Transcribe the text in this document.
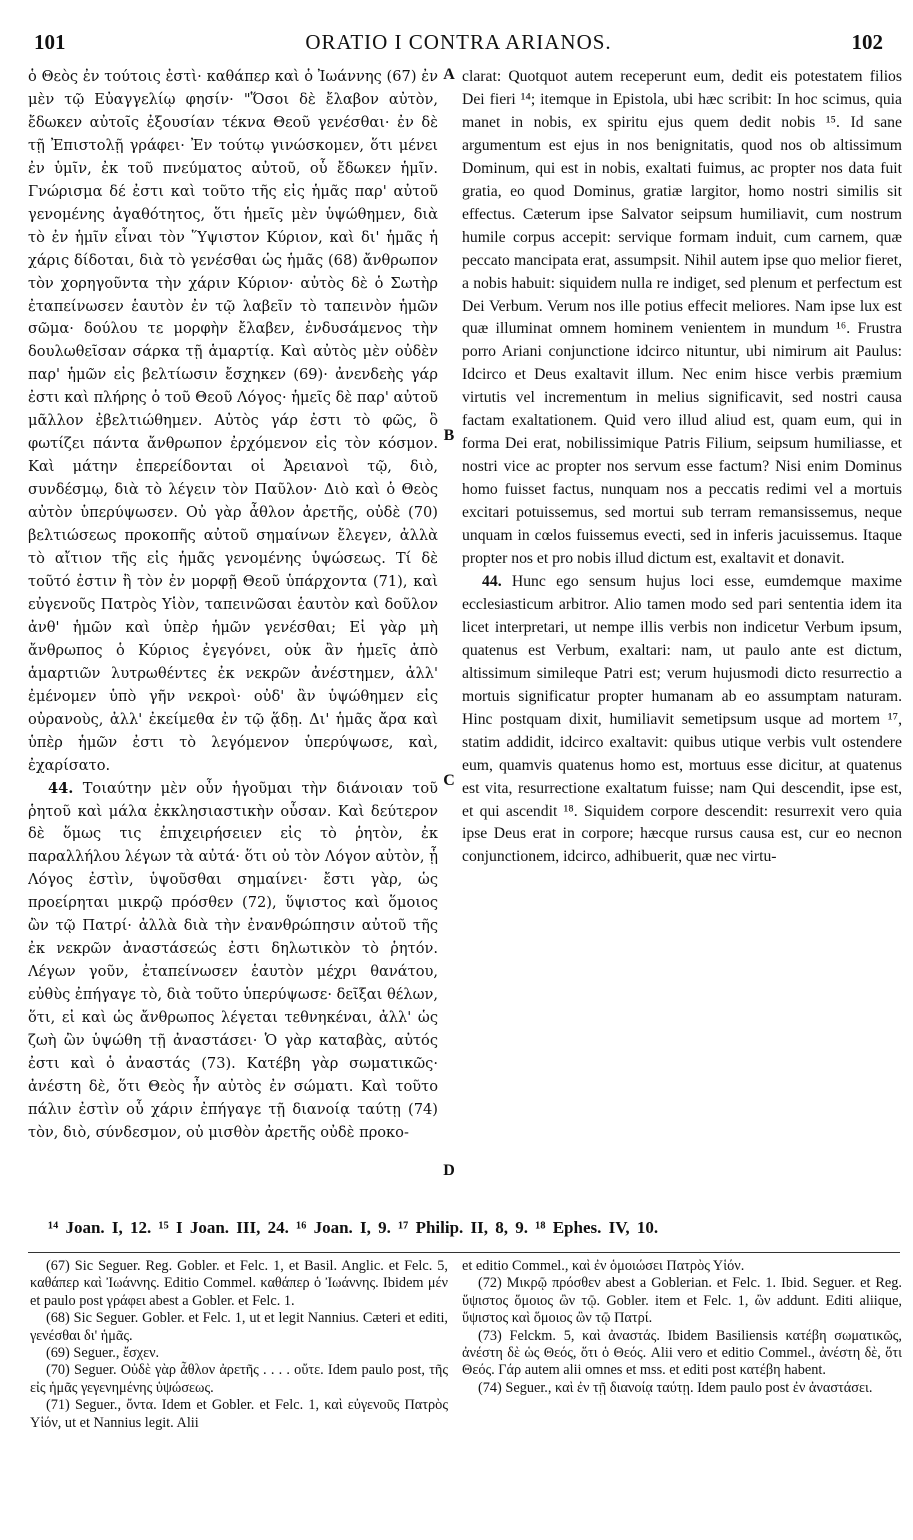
101	ORATIO I CONTRA ARIANOS.	102

ὁ Θεὸς ἐν τούτοις ἐστὶ· καθάπερ καὶ ὁ Ἰωάννης (67) ἐν μὲν τῷ Εὐαγγελίῳ φησίν· "Ὅσοι δὲ ἔλαβον αὐτὸν, ἔδωκεν αὐτοῖς ἐξουσίαν τέκνα Θεοῦ γενέσθαι· ἐν δὲ τῇ Ἐπιστολῇ γράφει· Ἐν τούτῳ γινώσκομεν, ὅτι μένει ἐν ὑμῖν, ἐκ τοῦ πνεύματος αὐτοῦ, οὗ ἔδωκεν ἡμῖν. Γνώρισμα δέ ἐστι καὶ τοῦτο τῆς εἰς ἡμᾶς παρ' αὐτοῦ γενομένης ἀγαθότητος, ὅτι ἡμεῖς μὲν ὑψώθημεν, διὰ τὸ ἐν ἡμῖν εἶναι τὸν Ὕψιστον Κύριον, καὶ δι' ἡμᾶς ἡ χάρις δίδοται, διὰ τὸ γενέσθαι ὡς ἡμᾶς (68) ἄνθρωπον τὸν χορηγοῦντα τὴν χάριν Κύριον· αὐτὸς δὲ ὁ Σωτὴρ ἐταπείνωσεν ἑαυτὸν ἐν τῷ λαβεῖν τὸ ταπεινὸν ἡμῶν σῶμα· δούλου τε μορφὴν ἔλαβεν, ἐνδυσάμενος τὴν δουλωθεῖσαν σάρκα τῇ ἁμαρτίᾳ. Καὶ αὐτὸς μὲν οὐδὲν παρ' ἡμῶν εἰς βελτίωσιν ἔσχηκεν (69)· ἀνενδεὴς γάρ ἐστι καὶ πλήρης ὁ τοῦ Θεοῦ Λόγος· ἡμεῖς δὲ παρ' αὐτοῦ μᾶλλον ἐβελτιώθημεν. Αὐτὸς γάρ ἐστι τὸ φῶς, ὃ φωτίζει πάντα ἄνθρωπον ἐρχόμενον εἰς τὸν κόσμον. Καὶ μάτην ἐπερείδονται οἱ Ἀρειανοὶ τῷ, διὸ, συνδέσμῳ, διὰ τὸ λέγειν τὸν Παῦλον· Διὸ καὶ ὁ Θεὸς αὐτὸν ὑπερύψωσεν. Οὐ γὰρ ἆθλον ἀρετῆς, οὐδὲ (70) βελτιώσεως προκοπῆς αὐτοῦ σημαίνων ἔλεγεν, ἀλλὰ τὸ αἴτιον τῆς εἰς ἡμᾶς γενομένης ὑψώσεως. Τί δὲ τοῦτό ἐστιν ἢ τὸν ἐν μορφῇ Θεοῦ ὑπάρχοντα (71), καὶ εὐγενοῦς Πατρὸς Υἱὸν, ταπεινῶσαι ἑαυτὸν καὶ δοῦλον ἀνθ' ἡμῶν καὶ ὑπὲρ ἡμῶν γενέσθαι; Εἰ γὰρ μὴ ἄνθρωπος ὁ Κύριος ἐγεγόνει, οὐκ ἂν ἡμεῖς ἀπὸ ἁμαρτιῶν λυτρωθέντες ἐκ νεκρῶν ἀνέστημεν, ἀλλ' ἐμένομεν ὑπὸ γῆν νεκροὶ· οὐδ' ἂν ὑψώθημεν εἰς οὐρανοὺς, ἀλλ' ἐκείμεθα ἐν τῷ ᾅδῃ. Δι' ἡμᾶς ἄρα καὶ ὑπὲρ ἡμῶν ἐστι τὸ λεγόμενον ὑπερύψωσε, καὶ, ἐχαρίσατο.

44. Τοιαύτην μὲν οὖν ἡγοῦμαι τὴν διάνοιαν τοῦ ῥητοῦ καὶ μάλα ἐκκλησιαστικὴν οὖσαν. Καὶ δεύτερον δὲ ὅμως τις ἐπιχειρήσειεν εἰς τὸ ῥητὸν, ἐκ παραλλήλου λέγων τὰ αὐτά· ὅτι οὐ τὸν Λόγον αὐτὸν, ᾗ Λόγος ἐστὶν, ὑψοῦσθαι σημαίνει· ἔστι γὰρ, ὡς προείρηται μικρῷ πρόσθεν (72), ὕψιστος καὶ ὅμοιος ὢν τῷ Πατρί· ἀλλὰ διὰ τὴν ἐνανθρώπησιν αὐτοῦ τῆς ἐκ νεκρῶν ἀναστάσεώς ἐστι δηλωτικὸν τὸ ῥητόν. Λέγων γοῦν, ἐταπείνωσεν ἑαυτὸν μέχρι θανάτου, εὐθὺς ἐπήγαγε τὸ, διὰ τοῦτο ὑπερύψωσε· δεῖξαι θέλων, ὅτι, εἰ καὶ ὡς ἄνθρωπος λέγεται τεθνηκέναι, ἀλλ' ὡς ζωὴ ὢν ὑψώθη τῇ ἀναστάσει· Ὁ γὰρ καταβὰς, αὐτός ἐστι καὶ ὁ ἀναστάς (73). Κατέβη γὰρ σωματικῶς· ἀνέστη δὲ, ὅτι Θεὸς ἦν αὐτὸς ἐν σώματι. Καὶ τοῦτο πάλιν ἐστὶν οὗ χάριν ἐπήγαγε τῇ διανοίᾳ ταύτῃ (74) τὸν, διὸ, σύνδεσμον, οὐ μισθὸν ἀρετῆς οὐδὲ προκο-

A
B
C
D

clarat: Quotquot autem receperunt eum, dedit eis potestatem filios Dei fieri ¹⁴; itemque in Epistola, ubi hæc scribit: In hoc scimus, quia manet in nobis, ex spiritu ejus quem dedit nobis ¹⁵. Id sane argumentum est ejus in nos benignitatis, quod nos ob altissimum Dominum, qui est in nobis, exaltati fuimus, ac propter nos data fuit gratia, eo quod Dominus, gratiæ largitor, homo nostri similis sit effectus. Cæterum ipse Salvator seipsum humiliavit, cum nostrum humile corpus accepit: servique formam induit, cum carnem, quæ peccato mancipata erat, assumpsit. Nihil autem ipse quo melior fieret, a nobis habuit: siquidem nulla re indiget, sed plenum et perfectum est Dei Verbum. Verum nos ille potius effecit meliores. Nam ipse lux est quæ illuminat omnem hominem venientem in mundum ¹⁶. Frustra porro Ariani conjunctione idcirco nituntur, ubi nimirum ait Paulus: Idcirco et Deus exaltavit illum. Nec enim hisce verbis præmium virtutis vel incrementum in melius significavit, sed nostri causa factam exaltationem. Quid vero illud aliud est, quam eum, qui in forma Dei erat, nobilissimique Patris Filium, seipsum humiliasse, et nostri vice ac propter nos servum esse factum? Nisi enim Dominus homo fuisset factus, nunquam nos a peccatis redimi vel a mortuis excitari potuissemus, sed mortui sub terram remansissemus, neque unquam in cœlos fuissemus evecti, sed in inferis jacuissemus. Itaque propter nos et pro nobis illud dictum est, exaltavit et donavit.

44. Hunc ego sensum hujus loci esse, eumdemque maxime ecclesiasticum arbitror. Alio tamen modo sed pari sententia idem ita licet interpretari, ut nempe illis verbis non indicetur Verbum ipsum, quatenus est Verbum, exaltari: nam, ut paulo ante est dictum, altissimum simileque Patri est; verum hujusmodi dicto resurrectio a mortuis significatur propter humanam ab eo assumptam naturam. Hinc postquam dixit, humiliavit semetipsum usque ad mortem ¹⁷, statim addidit, idcirco exaltavit: quibus utique verbis vult ostendere eum, quamvis quatenus homo est, mortuus esse dicitur, at quatenus est vita, resurrectione exaltatum fuisse; nam Qui descendit, ipse est, et qui ascendit ¹⁸. Siquidem corpore descendit: resurrexit vero quia ipse Deus erat in corpore; hæcque rursus causa est, cur eo necnon conjunctionem, idcirco, adhibuerit, quæ nec virtu-

¹⁴ Joan. I, 12. ¹⁵ I Joan. III, 24. ¹⁶ Joan. I, 9. ¹⁷ Philip. II, 8, 9. ¹⁸ Ephes. IV, 10.

(67) Sic Seguer. Reg. Gobler. et Felc. 1, et Basil. Anglic. et Felc. 5, καθάπερ καὶ Ἰωάννης. Editio Commel. καθάπερ ὁ Ἰωάννης. Ibidem μέν et paulo post γράφει abest a Gobler. et Felc. 1.

(68) Sic Seguer. Gobler. et Felc. 1, ut et legit Nannius. Cæteri et editi, γενέσθαι δι' ἡμᾶς.

(69) Seguer., ἔσχεν.

(70) Seguer. Οὐδὲ γὰρ ἆθλον ἀρετῆς . . . . οὔτε. Idem paulo post, τῆς εἰς ἡμᾶς γεγενημένης ὑψώσεως.

(71) Seguer., ὄντα. Idem et Gobler. et Felc. 1, καὶ εὐγενοῦς Πατρὸς Υἱόν, ut et Nannius legit. Alii

et editio Commel., καὶ ἐν ὁμοιώσει Πατρὸς Υἱόν.

(72) Μικρῷ πρόσθεν abest a Goblerian. et Felc. 1. Ibid. Seguer. et Reg. ὕψιστος ὅμοιος ὢν τῷ. Gobler. item et Felc. 1, ὢν addunt. Editi aliique, ὕψιστος καὶ ὅμοιος ὢν τῷ Πατρί.

(73) Felckm. 5, καὶ ἀναστάς. Ibidem Basiliensis κατέβη σωματικῶς, ἀνέστη δὲ ὡς Θεός, ὅτι ὁ Θεός. Alii vero et editio Commel., ἀνέστη δὲ, ὅτι Θεός. Γάρ autem alii omnes et mss. et editi post κατέβη habent.

(74) Seguer., καὶ ἐν τῇ διανοίᾳ ταύτῃ. Idem paulo post ἐν ἀναστάσει.
